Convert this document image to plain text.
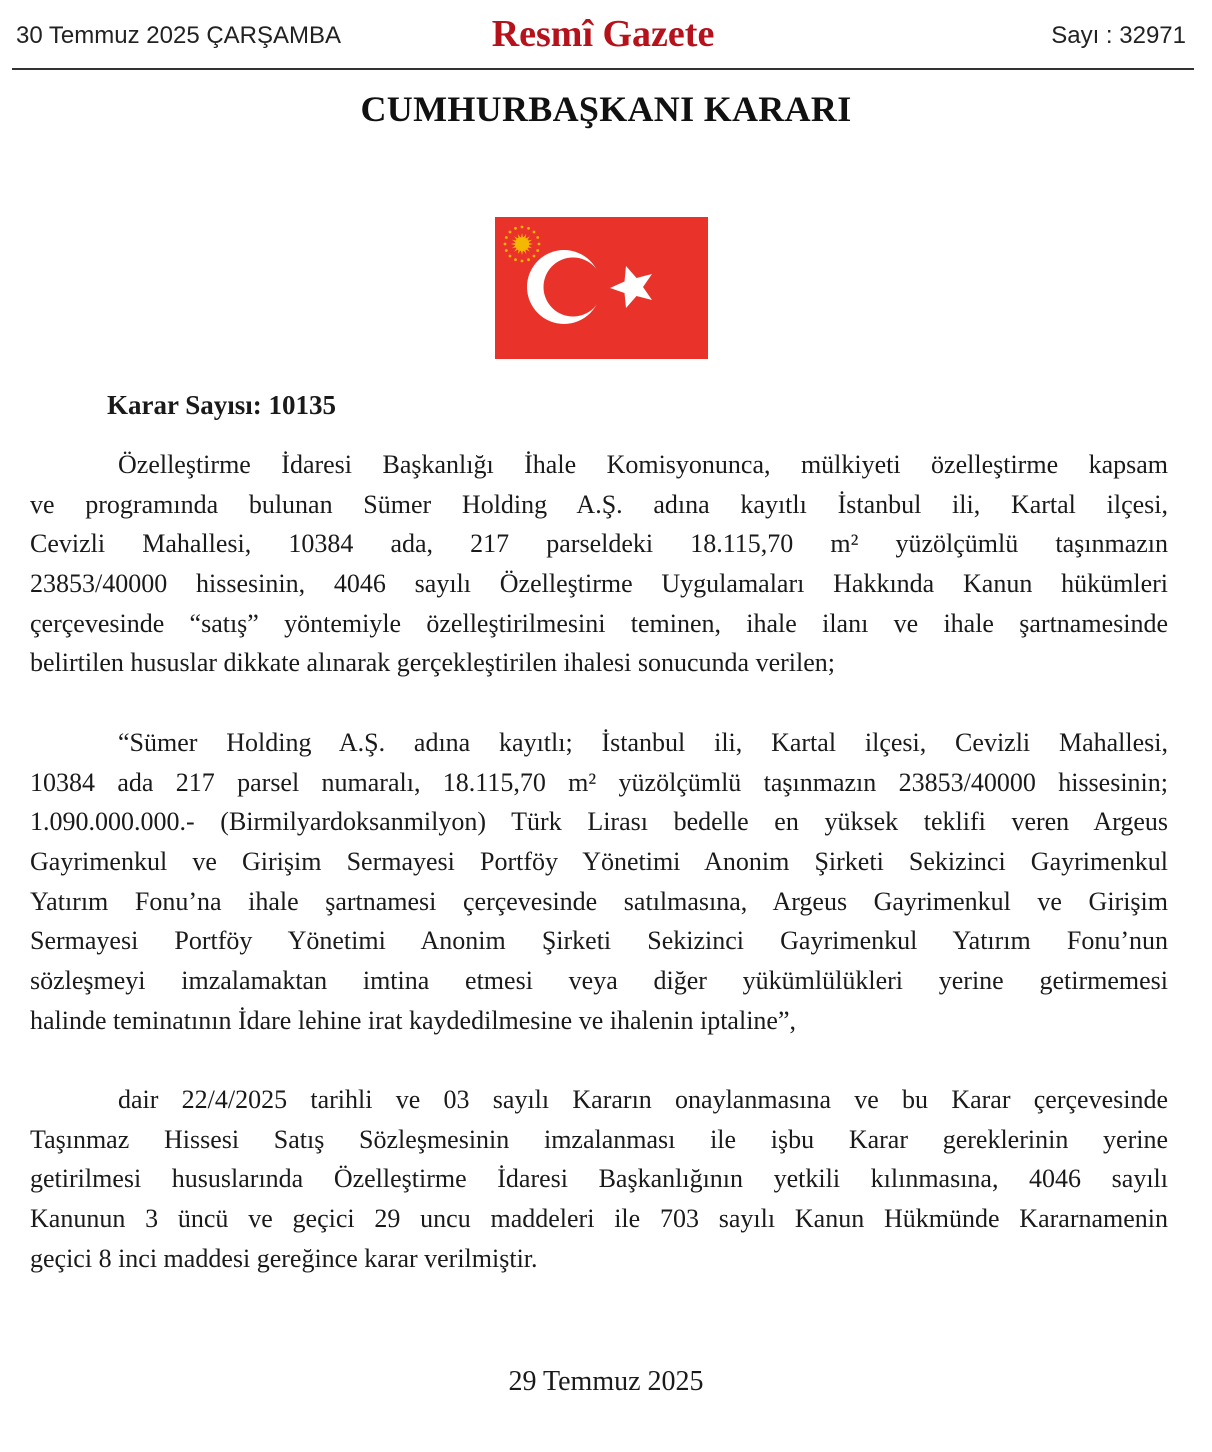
30 Temmuz 2025 ÇARŞAMBA	Resmî Gazete	Sayı : 32971
CUMHURBAŞKANI KARARI
Karar Sayısı: 10135
Özelleştirme İdaresi Başkanlığı İhale Komisyonunca, mülkiyeti özelleştirme kapsam
ve programında bulunan Sümer Holding A.Ş. adına kayıtlı İstanbul ili, Kartal ilçesi,
Cevizli Mahallesi, 10384 ada, 217 parseldeki 18.115,70 m² yüzölçümlü taşınmazın
23853/40000 hissesinin, 4046 sayılı Özelleştirme Uygulamaları Hakkında Kanun hükümleri
çerçevesinde “satış” yöntemiyle özelleştirilmesini teminen, ihale ilanı ve ihale şartnamesinde
belirtilen hususlar dikkate alınarak gerçekleştirilen ihalesi sonucunda verilen;
“Sümer Holding A.Ş. adına kayıtlı; İstanbul ili, Kartal ilçesi, Cevizli Mahallesi,
10384 ada 217 parsel numaralı, 18.115,70 m² yüzölçümlü taşınmazın 23853/40000 hissesinin;
1.090.000.000.- (Birmilyardoksanmilyon) Türk Lirası bedelle en yüksek teklifi veren Argeus
Gayrimenkul ve Girişim Sermayesi Portföy Yönetimi Anonim Şirketi Sekizinci Gayrimenkul
Yatırım Fonu’na ihale şartnamesi çerçevesinde satılmasına, Argeus Gayrimenkul ve Girişim
Sermayesi Portföy Yönetimi Anonim Şirketi Sekizinci Gayrimenkul Yatırım Fonu’nun
sözleşmeyi imzalamaktan imtina etmesi veya diğer yükümlülükleri yerine getirmemesi
halinde teminatının İdare lehine irat kaydedilmesine ve ihalenin iptaline”,
dair 22/4/2025 tarihli ve 03 sayılı Kararın onaylanmasına ve bu Karar çerçevesinde
Taşınmaz Hissesi Satış Sözleşmesinin imzalanması ile işbu Karar gereklerinin yerine
getirilmesi hususlarında Özelleştirme İdaresi Başkanlığının yetkili kılınmasına, 4046 sayılı
Kanunun 3 üncü ve geçici 29 uncu maddeleri ile 703 sayılı Kanun Hükmünde Kararnamenin
geçici 8 inci maddesi gereğince karar verilmiştir.
29 Temmuz 2025
